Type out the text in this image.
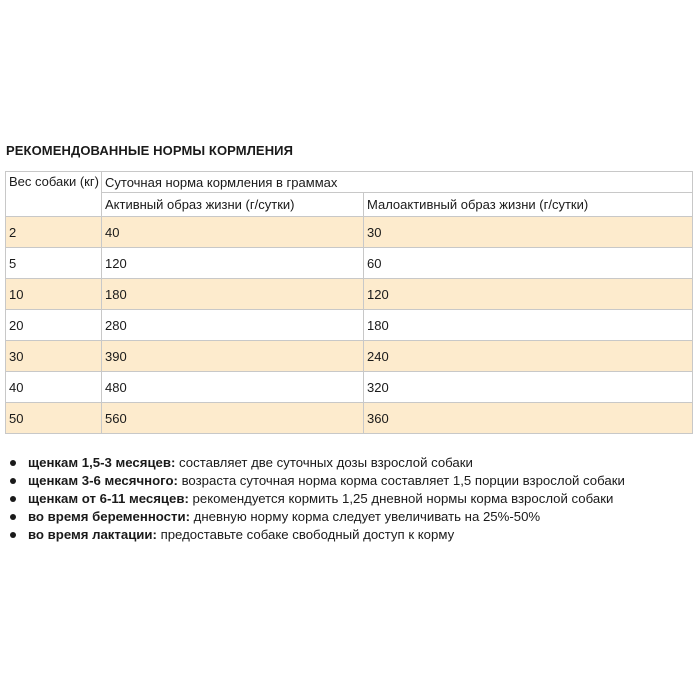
РЕКОМЕНДОВАННЫЕ НОРМЫ КОРМЛЕНИЯ
Вес собаки (кг)	Суточная норма кормления в граммах	
	Активный образ жизни (г/сутки)	Малоактивный образ жизни (г/сутки)
2	40	30
5	120	60
10	180	120
20	280	180
30	390	240
40	480	320
50	560	360
щенкам 1,5-3 месяцев: составляет две суточных дозы взрослой собаки
щенкам 3-6 месячного: возраста суточная норма корма составляет 1,5 порции взрослой собаки
щенкам от 6-11 месяцев: рекомендуется кормить 1,25 дневной нормы корма взрослой собаки
во время беременности: дневную норму корма следует увеличивать на 25%-50%
во время лактации: предоставьте собаке свободный доступ к корму
